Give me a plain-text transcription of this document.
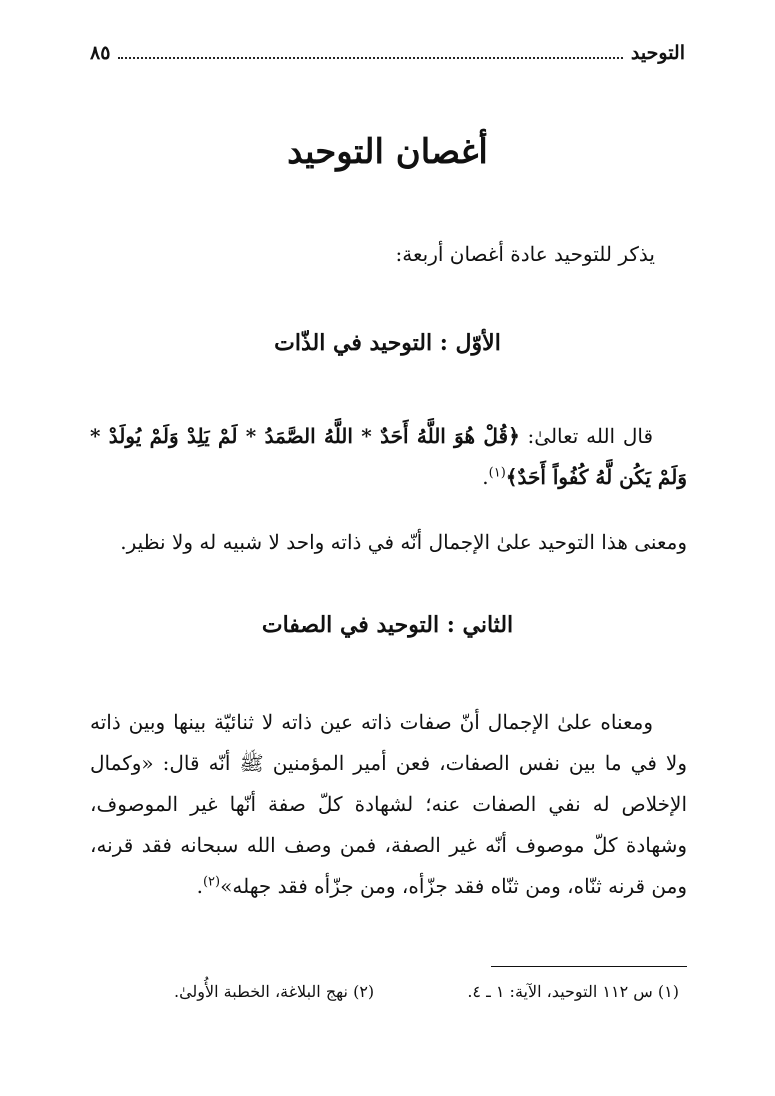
التوحيد
٨٥
أغصان التوحيد
يذكر للتوحيد عادة أغصان أربعة:
الأوّل : التوحيد في الذّات
قال الله تعالىٰ: ﴿قُلْ هُوَ اللَّهُ أَحَدٌ * اللَّهُ الصَّمَدُ * لَمْ يَلِدْ وَلَمْ يُولَدْ * وَلَمْ يَكُن لَّهُ كُفُواً أَحَدٌ﴾$^{(١)}$.
ومعنى هذا التوحيد علىٰ الإجمال أنّه في ذاته واحد لا شبيه له ولا نظير.
الثاني : التوحيد في الصفات
ومعناه علىٰ الإجمال أنّ صفات ذاته عين ذاته لا ثنائيّة بينها وبين ذاته ولا في ما بين نفس الصفات، فعن أمير المؤمنين ﷺ أنّه قال: «وكمال الإخلاص له نفي الصفات عنه؛ لشهادة كلّ صفة أنّها غير الموصوف، وشهادة كلّ موصوف أنّه غير الصفة، فمن وصف الله سبحانه فقد قرنه، ومن قرنه ثنّاه، ومن ثنّاه فقد جزّأه، ومن جزّأه فقد جهله»$^{(٢)}$.
(١) س ١١٢ التوحيد، الآية: ١ ـ ٤.
(٢) نهج البلاغة، الخطبة الأُولىٰ.
